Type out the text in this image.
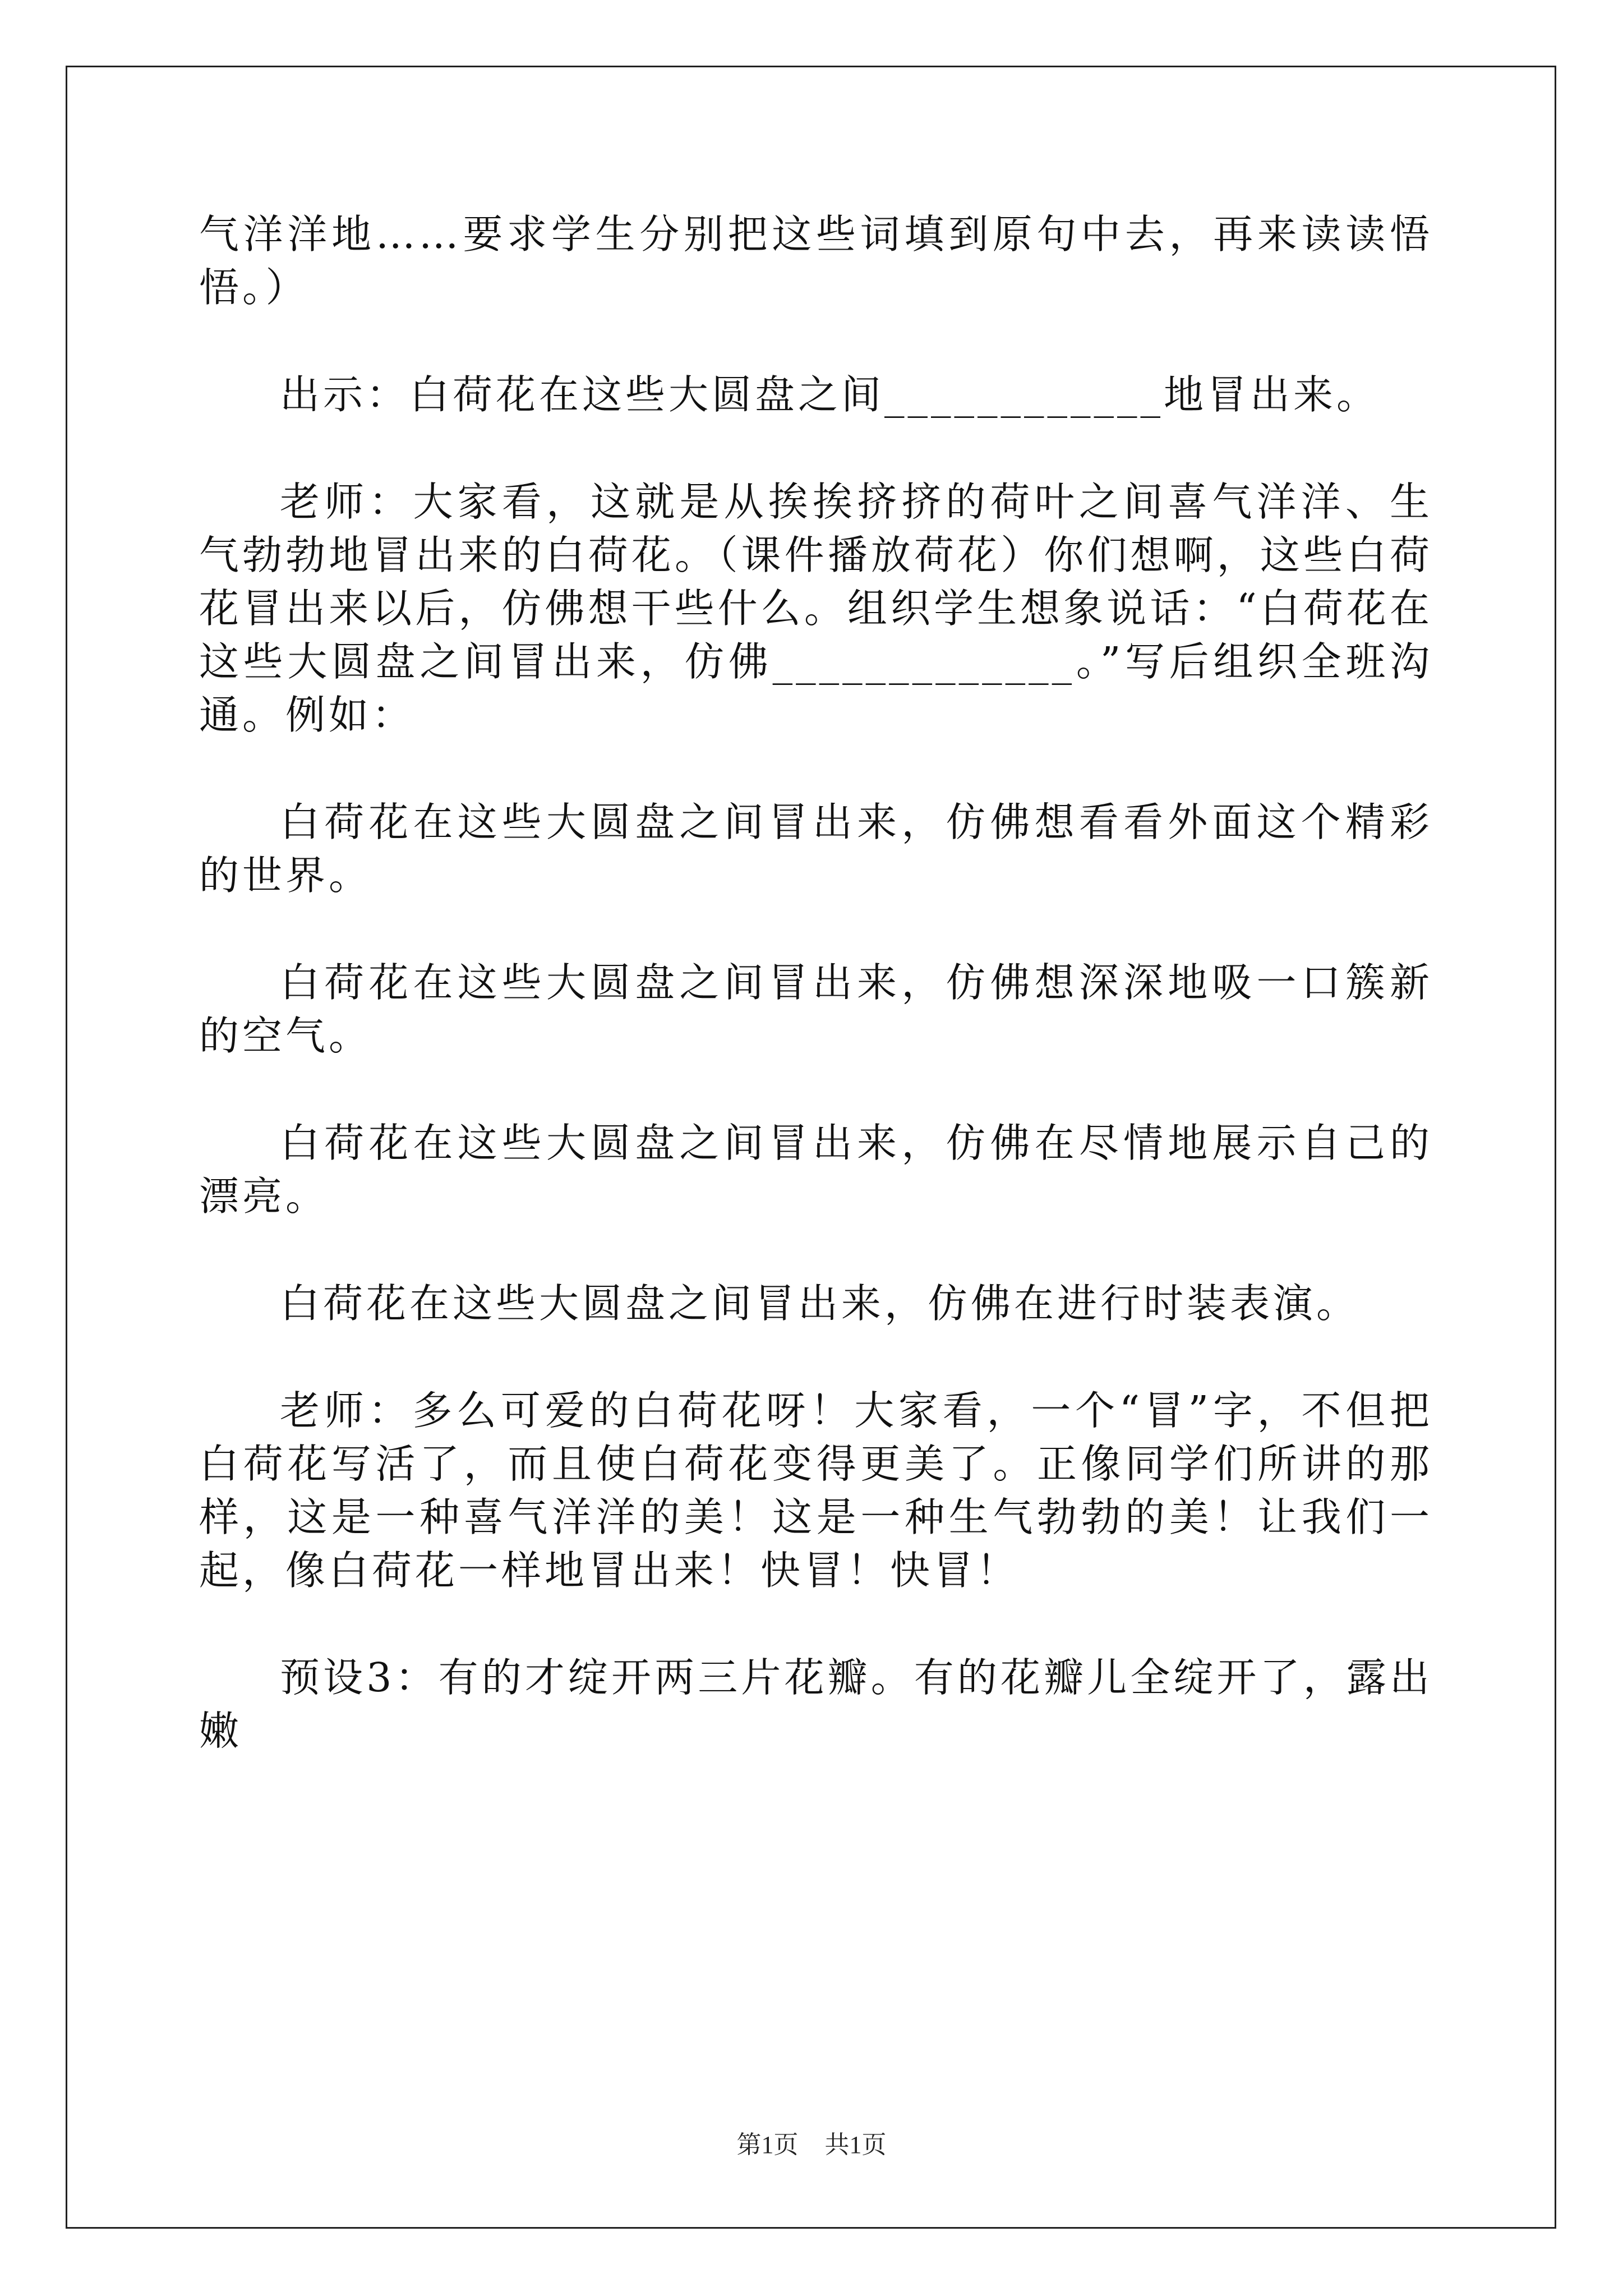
气洋洋地……要求学生分别把这些词填到原句中去，再来读读悟悟。）

出示：白荷花在这些大圆盘之间____________地冒出来。

老师：大家看，这就是从挨挨挤挤的荷叶之间喜气洋洋、生气勃勃地冒出来的白荷花。（课件播放荷花）你们想啊，这些白荷花冒出来以后，仿佛想干些什么。组织学生想象说话：“白荷花在这些大圆盘之间冒出来，仿佛_____________。”写后组织全班沟通。例如：

白荷花在这些大圆盘之间冒出来，仿佛想看看外面这个精彩的世界。

白荷花在这些大圆盘之间冒出来，仿佛想深深地吸一口簇新的空气。

白荷花在这些大圆盘之间冒出来，仿佛在尽情地展示自己的漂亮。

白荷花在这些大圆盘之间冒出来，仿佛在进行时装表演。

老师：多么可爱的白荷花呀！大家看，一个“冒”字，不但把白荷花写活了，而且使白荷花变得更美了。正像同学们所讲的那样，这是一种喜气洋洋的美！这是一种生气勃勃的美！让我们一起，像白荷花一样地冒出来！快冒！快冒！

预设3：有的才绽开两三片花瓣。有的花瓣儿全绽开了，露出嫩

第1页 共1页
